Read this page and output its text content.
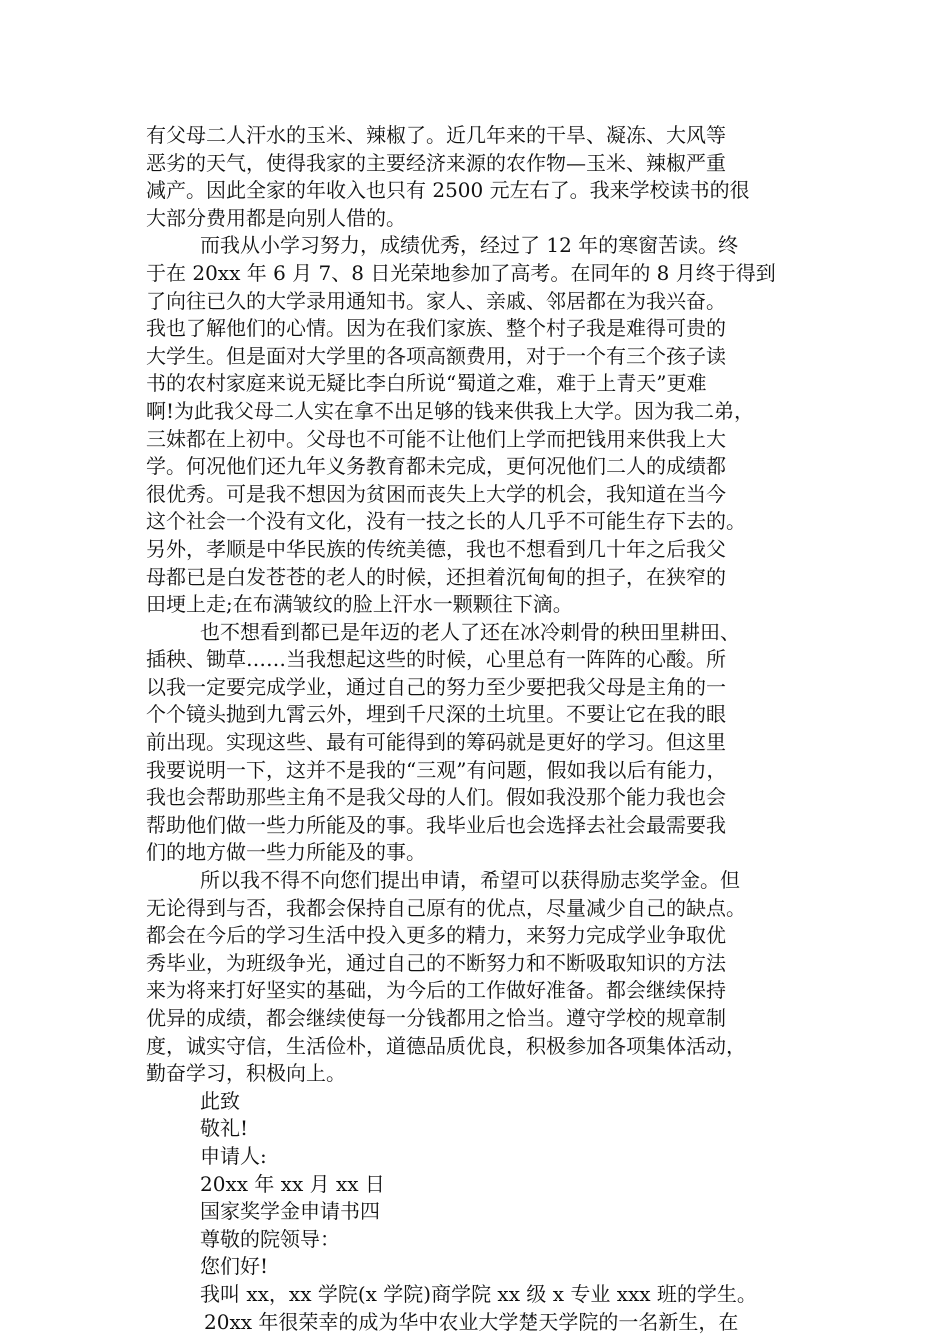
有父母二人汗水的玉米、辣椒了。近几年来的干旱、凝冻、大风等
恶劣的天气，使得我家的主要经济来源的农作物—玉米、辣椒严重
减产。因此全家的年收入也只有 2500 元左右了。我来学校读书的很
大部分费用都是向别人借的。
而我从小学习努力，成绩优秀，经过了 12 年的寒窗苦读。终
于在 20xx 年 6 月 7、8 日光荣地参加了高考。在同年的 8 月终于得到
了向往已久的大学录用通知书。家人、亲戚、邻居都在为我兴奋。
我也了解他们的心情。因为在我们家族、整个村子我是难得可贵的
大学生。但是面对大学里的各项高额费用，对于一个有三个孩子读
书的农村家庭来说无疑比李白所说“蜀道之难，难于上青天”更难
啊!为此我父母二人实在拿不出足够的钱来供我上大学。因为我二弟，
三妹都在上初中。父母也不可能不让他们上学而把钱用来供我上大
学。何况他们还九年义务教育都未完成，更何况他们二人的成绩都
很优秀。可是我不想因为贫困而丧失上大学的机会，我知道在当今
这个社会一个没有文化，没有一技之长的人几乎不可能生存下去的。
另外，孝顺是中华民族的传统美德，我也不想看到几十年之后我父
母都已是白发苍苍的老人的时候，还担着沉甸甸的担子，在狭窄的
田埂上走;在布满皱纹的脸上汗水一颗颗往下滴。
也不想看到都已是年迈的老人了还在冰冷刺骨的秧田里耕田、
插秧、锄草……当我想起这些的时候，心里总有一阵阵的心酸。所
以我一定要完成学业，通过自己的努力至少要把我父母是主角的一
个个镜头抛到九霄云外，埋到千尺深的土坑里。不要让它在我的眼
前出现。实现这些、最有可能得到的筹码就是更好的学习。但这里
我要说明一下，这并不是我的“三观”有问题，假如我以后有能力，
我也会帮助那些主角不是我父母的人们。假如我没那个能力我也会
帮助他们做一些力所能及的事。我毕业后也会选择去社会最需要我
们的地方做一些力所能及的事。
所以我不得不向您们提出申请，希望可以获得励志奖学金。但
无论得到与否，我都会保持自己原有的优点，尽量减少自己的缺点。
都会在今后的学习生活中投入更多的精力，来努力完成学业争取优
秀毕业，为班级争光，通过自己的不断努力和不断吸取知识的方法
来为将来打好坚实的基础，为今后的工作做好准备。都会继续保持
优异的成绩，都会继续使每一分钱都用之恰当。遵守学校的规章制
度，诚实守信，生活俭朴，道德品质优良，积极参加各项集体活动，
勤奋学习，积极向上。
此致
敬礼!
申请人:
20xx 年 xx 月 xx 日
国家奖学金申请书四
尊敬的院领导：
您们好!
我叫 xx，xx 学院(x 学院)商学院 xx 级 x 专业 xxx 班的学生。
20xx 年很荣幸的成为华中农业大学楚天学院的一名新生，在
